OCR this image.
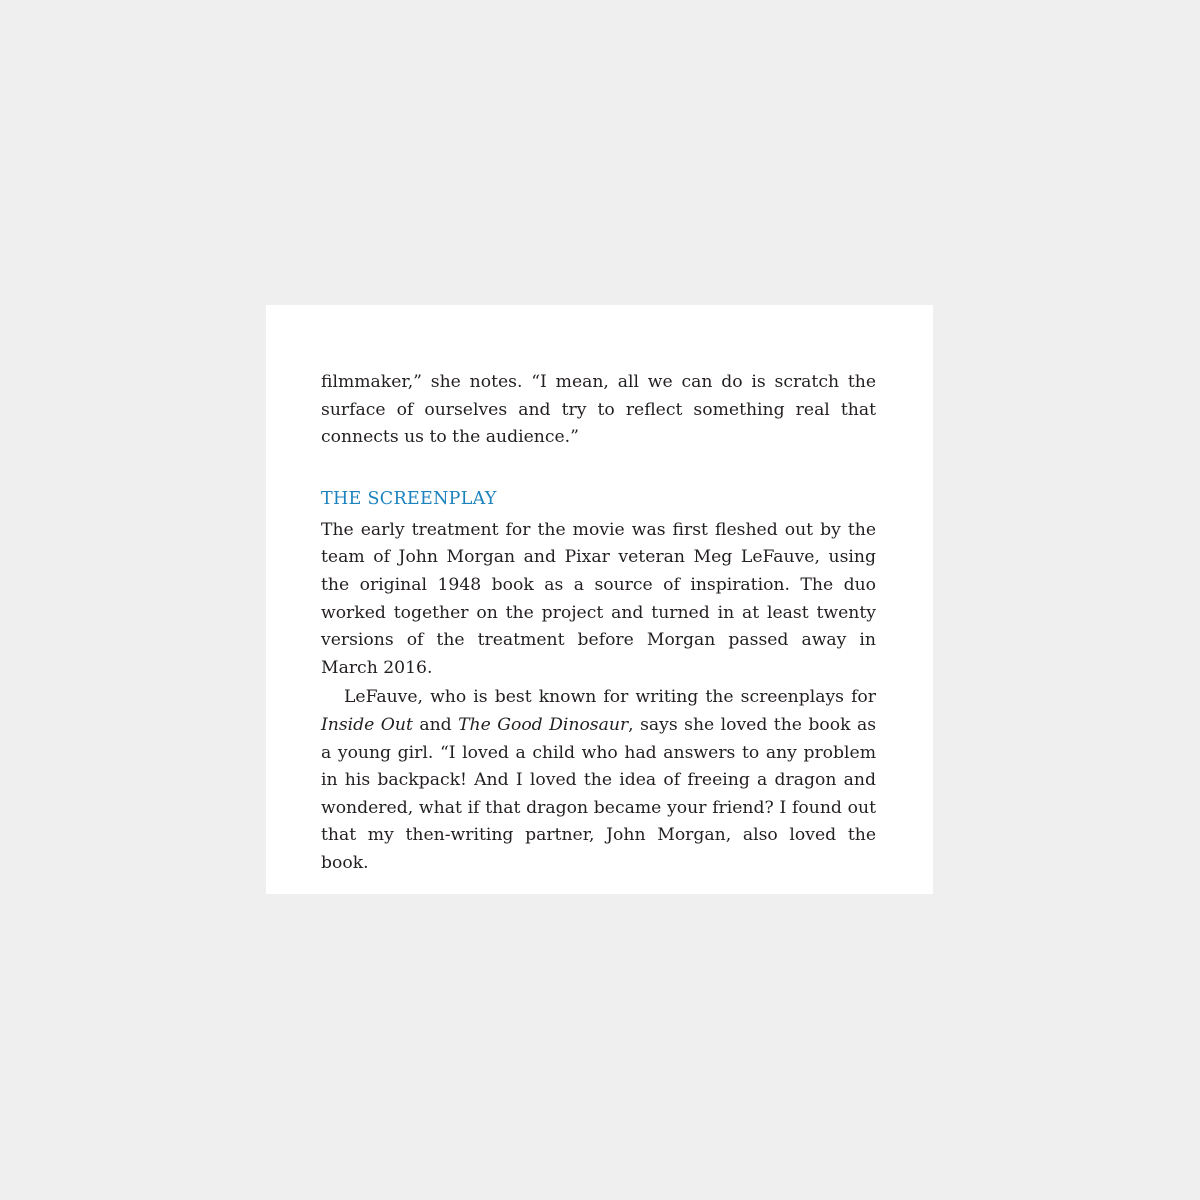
filmmaker,” she notes. “I mean, all we can do is scratch the surface of ourselves and try to reflect something real that connects us to the audience.”

THE SCREENPLAY

The early treatment for the movie was first fleshed out by the team of John Morgan and Pixar veteran Meg LeFauve, using the original 1948 book as a source of inspiration. The duo worked together on the project and turned in at least twenty versions of the treatment before Morgan passed away in March 2016.

LeFauve, who is best known for writing the screenplays for Inside Out and The Good Dinosaur, says she loved the book as a young girl. “I loved a child who had answers to any problem in his backpack! And I loved the idea of freeing a dragon and wondered, what if that dragon became your friend? I found out that my then-writing partner, John Morgan, also loved the book.
